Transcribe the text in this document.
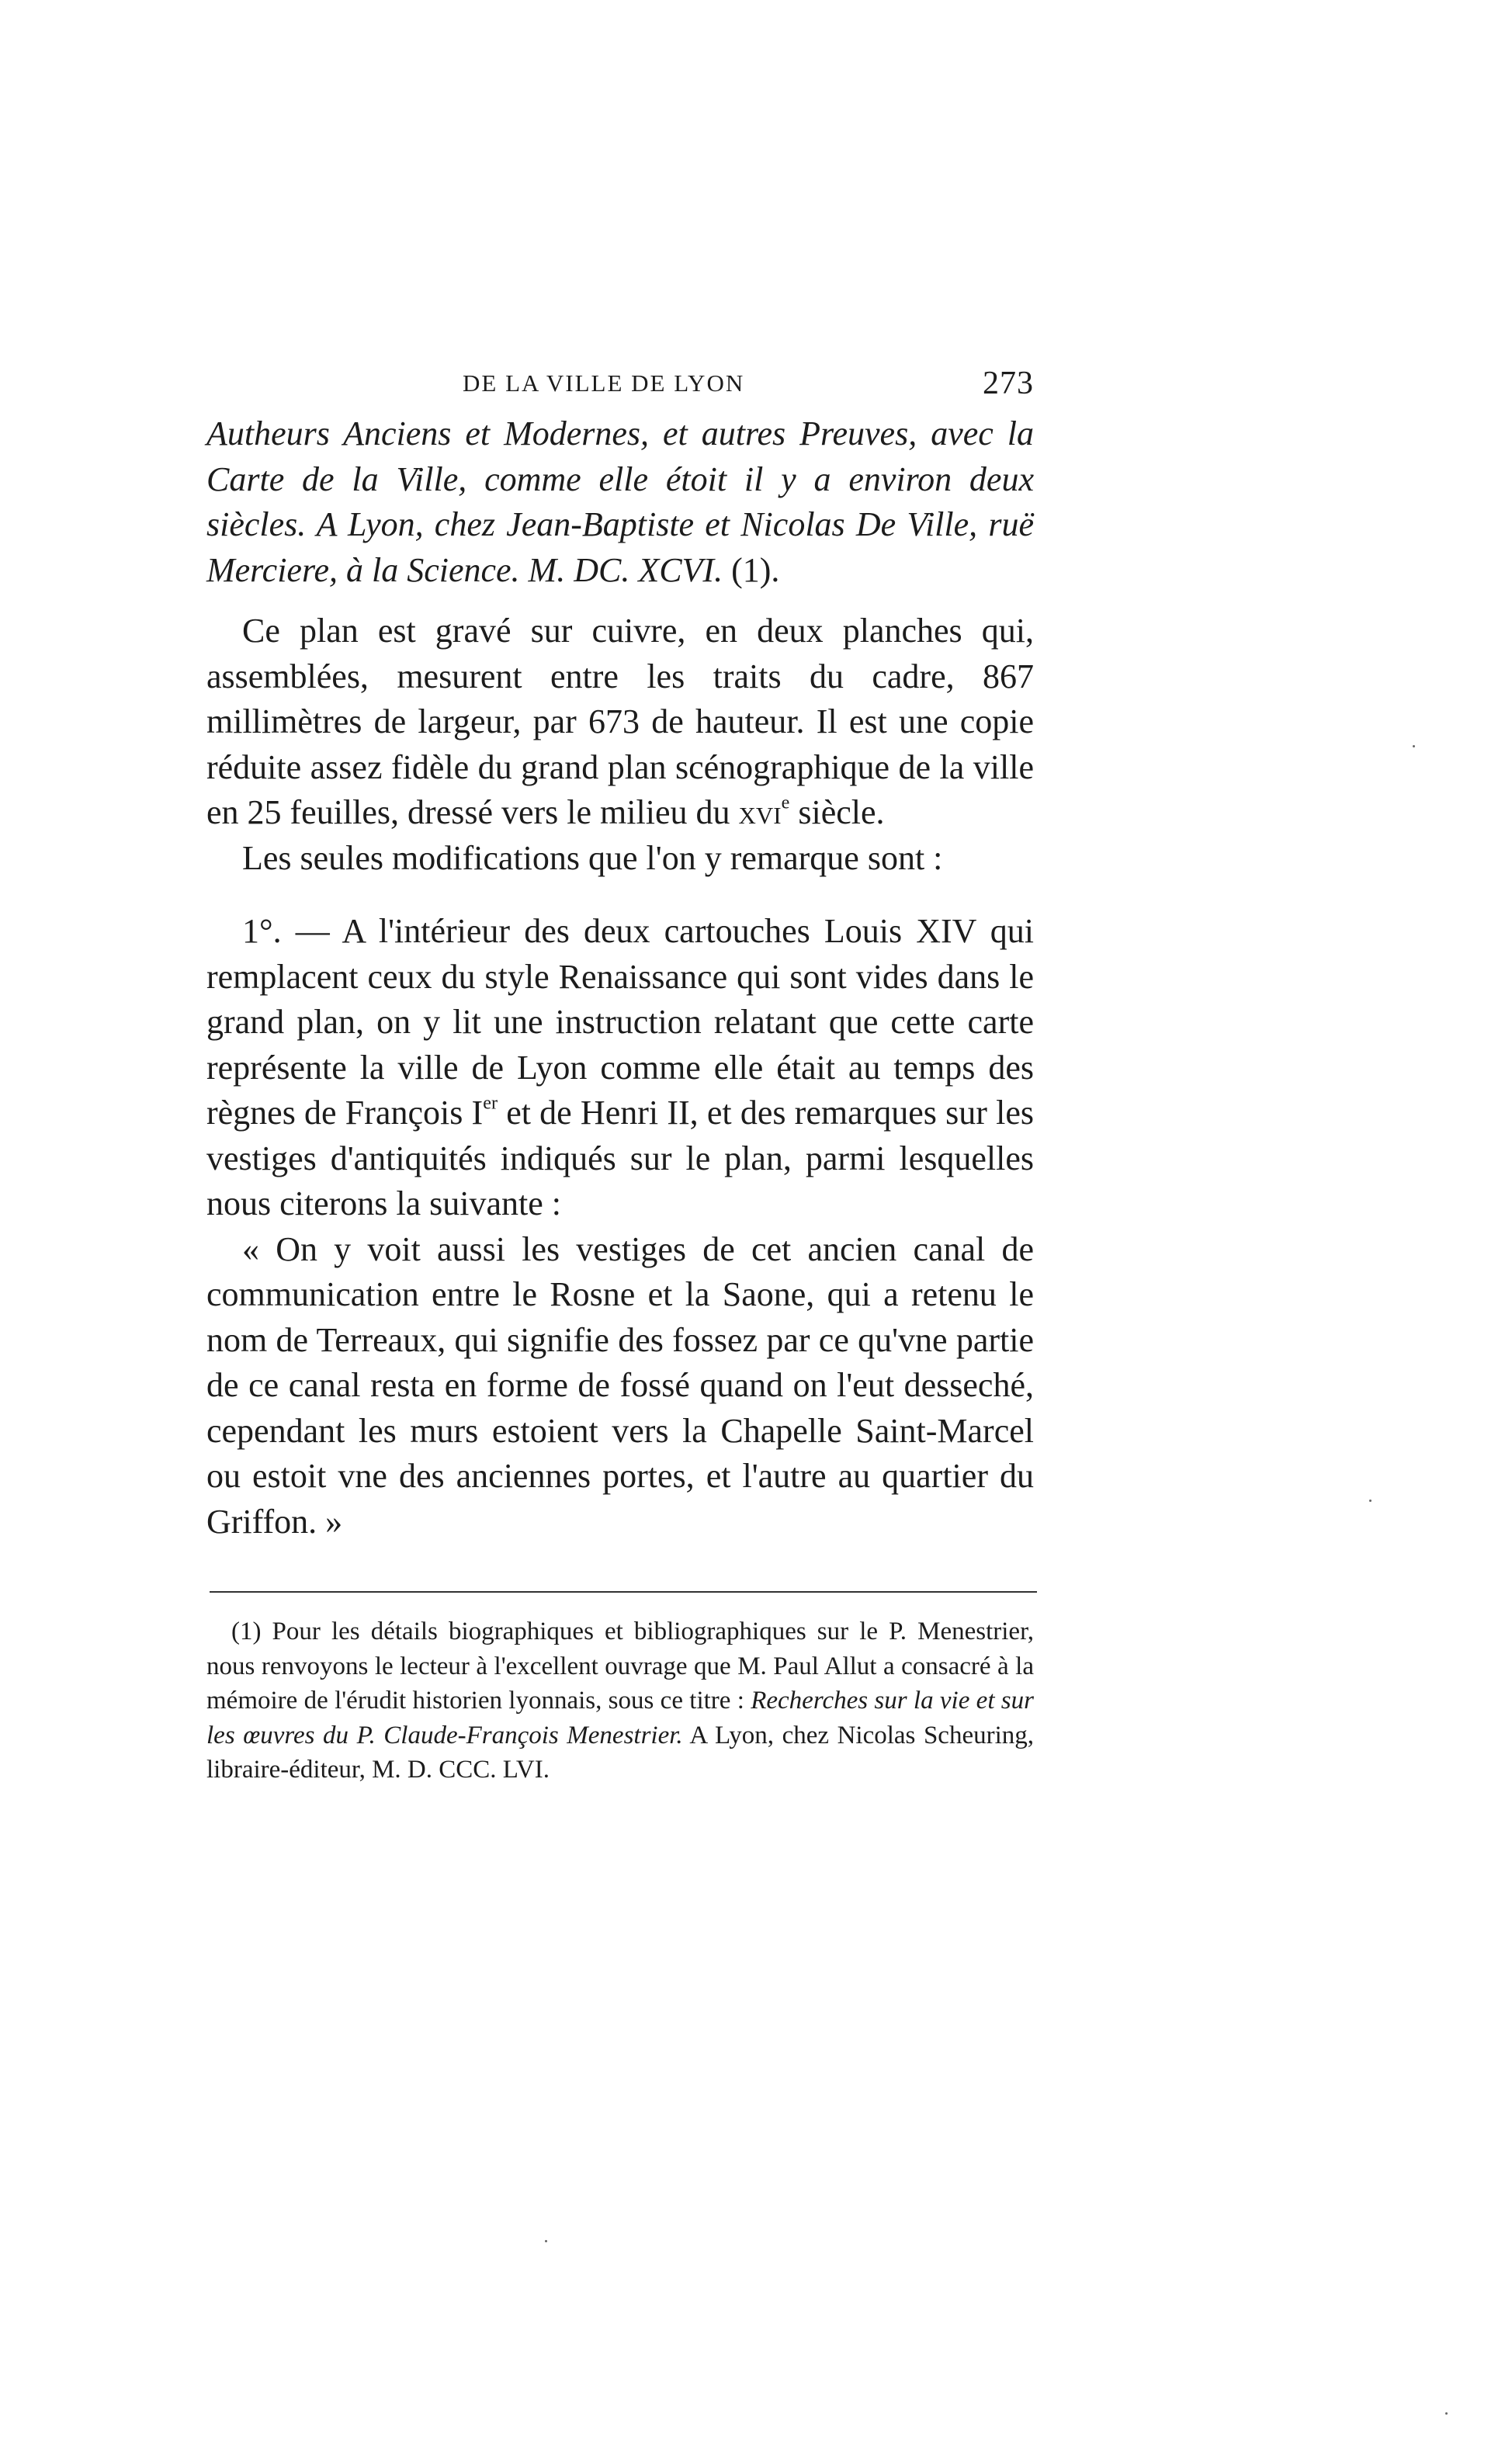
DE LA VILLE DE LYON	273

Autheurs Anciens et Modernes, et autres Preuves, avec la Carte de la Ville, comme elle étoit il y a environ deux siècles. A Lyon, chez Jean-Baptiste et Nicolas De Ville, ruë Merciere, à la Science. M. DC. XCVI. (1).

Ce plan est gravé sur cuivre, en deux planches qui, assemblées, mesurent entre les traits du cadre, 867 millimètres de largeur, par 673 de hauteur. Il est une copie réduite assez fidèle du grand plan scénographique de la ville en 25 feuilles, dressé vers le milieu du xvi$^e$ siècle.

Les seules modifications que l'on y remarque sont :

1°. — A l'intérieur des deux cartouches Louis XIV qui remplacent ceux du style Renaissance qui sont vides dans le grand plan, on y lit une instruction relatant que cette carte représente la ville de Lyon comme elle était au temps des règnes de François Ier et de Henri II, et des remarques sur les vestiges d'antiquités indiqués sur le plan, parmi lesquelles nous citerons la suivante :

« On y voit aussi les vestiges de cet ancien canal de communication entre le Rosne et la Saone, qui a retenu le nom de Terreaux, qui signifie des fossez par ce qu'vne partie de ce canal resta en forme de fossé quand on l'eut desseché, cependant les murs estoient vers la Chapelle Saint-Marcel ou estoit vne des anciennes portes, et l'autre au quartier du Griffon. »

(1) Pour les détails biographiques et bibliographiques sur le P. Menestrier, nous renvoyons le lecteur à l'excellent ouvrage que M. Paul Allut a consacré à la mémoire de l'érudit historien lyonnais, sous ce titre : Recherches sur la vie et sur les œuvres du P. Claude-François Menestrier. A Lyon, chez Nicolas Scheuring, libraire-éditeur, M. D. CCC. LVI.
